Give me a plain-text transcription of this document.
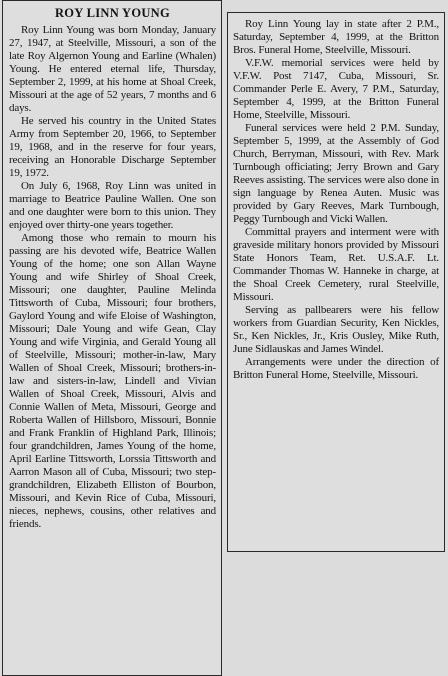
ROY LINN YOUNG

Roy Linn Young was born Monday, January 27, 1947, at Steelville, Missouri, a son of the late Roy Algernon Young and Earline (Whalen) Young. He entered eternal life, Thursday, September 2, 1999, at his home at Shoal Creek, Missouri at the age of 52 years, 7 months and 6 days.

He served his country in the United States Army from September 20, 1966, to September 19, 1968, and in the reserve for four years, receiving an Honorable Discharge September 19, 1972.

On July 6, 1968, Roy Linn was united in marriage to Beatrice Pauline Wallen. One son and one daughter were born to this union. They enjoyed over thirty-one years together.

Among those who remain to mourn his passing are his devoted wife, Beatrice Wallen Young of the home; one son Allan Wayne Young and wife Shirley of Shoal Creek, Missouri; one daughter, Pauline Melinda Tittsworth of Cuba, Missouri; four brothers, Gaylord Young and wife Eloise of Washington, Missouri; Dale Young and wife Gean, Clay Young and wife Virginia, and Gerald Young all of Steelville, Missouri; mother-in-law, Mary Wallen of Shoal Creek, Missouri; brothers-in-law and sisters-in-law, Lindell and Vivian Wallen of Shoal Creek, Missouri, Alvis and Connie Wallen of Meta, Missouri, George and Roberta Wallen of Hillsboro, Missouri, Bonnie and Frank Franklin of Highland Park, Illinois; four grandchildren, James Young of the home, April Earline Tittsworth, Lorssia Tittsworth and Aarron Mason all of Cuba, Missouri; two step-grandchildren, Elizabeth Elliston of Bourbon, Missouri, and Kevin Rice of Cuba, Missouri, nieces, nephews, cousins, other relatives and friends.

Roy Linn Young lay in state after 2 P.M., Saturday, September 4, 1999, at the Britton Bros. Funeral Home, Steelville, Missouri.

V.F.W. memorial services were held by V.F.W. Post 7147, Cuba, Missouri, Sr. Commander Perle E. Avery, 7 P.M., Saturday, September 4, 1999, at the Britton Funeral Home, Steelville, Missouri.

Funeral services were held 2 P.M. Sunday, September 5, 1999, at the Assembly of God Church, Berryman, Missouri, with Rev. Mark Turnbough officiating; Jerry Brown and Gary Reeves assisting. The services were also done in sign language by Renea Auten. Music was provided by Gary Reeves, Mark Turnbough, Peggy Turnbough and Vicki Wallen.

Committal prayers and interment were with graveside military honors provided by Missouri State Honors Team, Ret. U.S.A.F. Lt. Commander Thomas W. Hanneke in charge, at the Shoal Creek Cemetery, rural Steelville, Missouri.

Serving as pallbearers were his fellow workers from Guardian Security, Ken Nickles, Sr., Ken Nickles, Jr., Kris Ousley, Mike Ruth, June Sidlauskas and James Windel.

Arrangements were under the direction of Britton Funeral Home, Steelville, Missouri.
